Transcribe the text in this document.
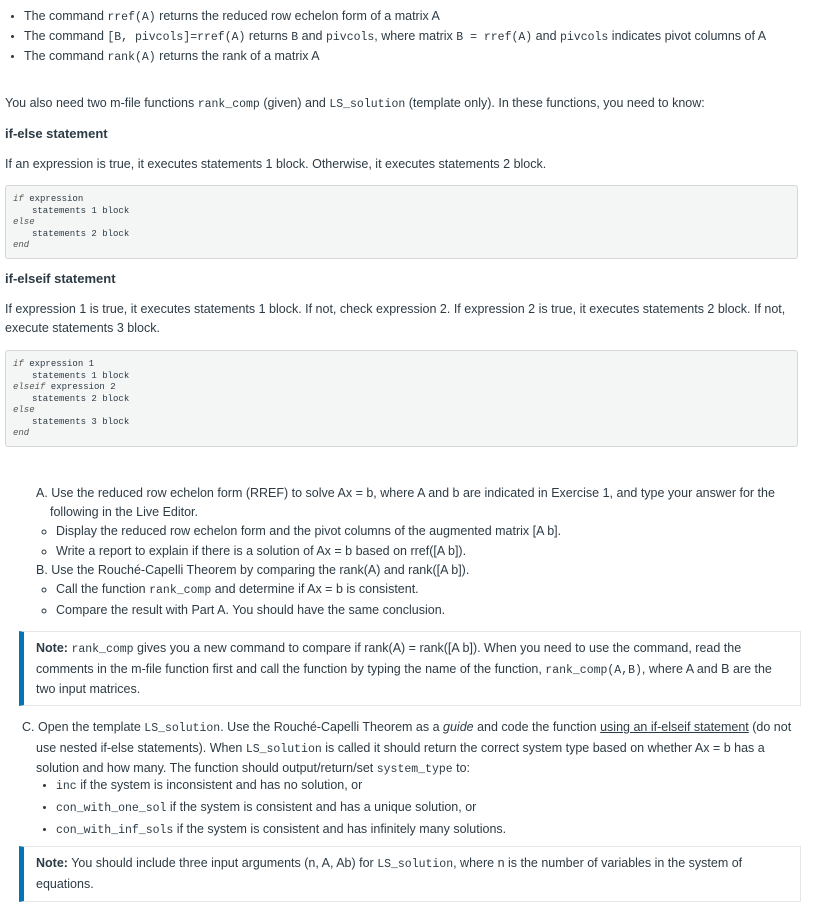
• The command rref(A) returns the reduced row echelon form of a matrix A
• The command [B, pivcols]=rref(A) returns B and pivcols, where matrix B = rref(A) and pivcols indicates pivot columns of A
• The command rank(A) returns the rank of a matrix A
You also need two m-file functions rank_comp (given) and LS_solution (template only). In these functions, you need to know:
if-else statement
If an expression is true, it executes statements 1 block. Otherwise, it executes statements 2 block.
if expression
statements 1 block
else
statements 2 block
end
if-elseif statement
If expression 1 is true, it executes statements 1 block. If not, check expression 2. If expression 2 is true, it executes statements 2 block. If not, execute statements 3 block.
if expression 1
statements 1 block
elseif expression 2
statements 2 block
else
statements 3 block
end
A. Use the reduced row echelon form (RREF) to solve Ax = b, where A and b are indicated in Exercise 1, and type your answer for the following in the Live Editor.
◦ Display the reduced row echelon form and the pivot columns of the augmented matrix [A b].
◦ Write a report to explain if there is a solution of Ax = b based on rref([A b]).
B. Use the Rouché-Capelli Theorem by comparing the rank(A) and rank([A b]).
◦ Call the function rank_comp and determine if Ax = b is consistent.
◦ Compare the result with Part A. You should have the same conclusion.
Note: rank_comp gives you a new command to compare if rank(A) = rank([A b]). When you need to use the command, read the comments in the m-file function first and call the function by typing the name of the function, rank_comp(A,B), where A and B are the two input matrices.
C. Open the template LS_solution. Use the Rouché-Capelli Theorem as a guide and code the function using an if-elseif statement (do not use nested if-else statements). When LS_solution is called it should return the correct system type based on whether Ax = b has a solution and how many. The function should output/return/set system_type to:
• inc if the system is inconsistent and has no solution, or
• con_with_one_sol if the system is consistent and has a unique solution, or
• con_with_inf_sols if the system is consistent and has infinitely many solutions.
Note: You should include three input arguments (n, A, Ab) for LS_solution, where n is the number of variables in the system of equations.
